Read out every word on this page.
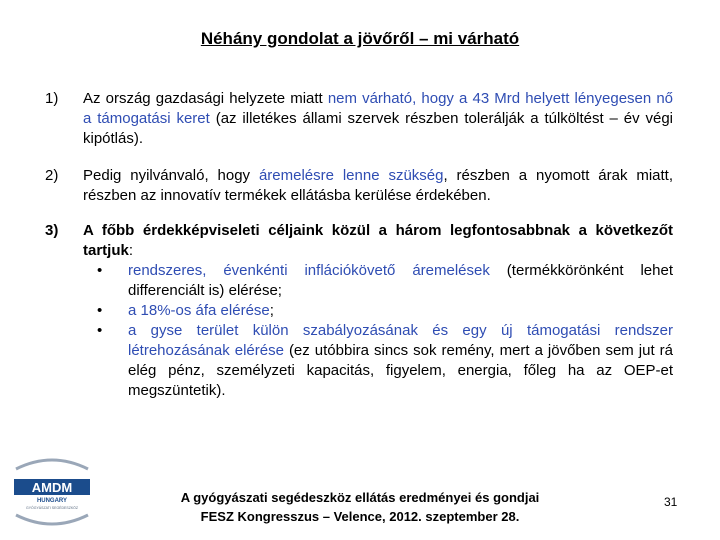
Néhány gondolat a jövőről – mi várható
1) Az ország gazdasági helyzete miatt nem várható, hogy a 43 Mrd helyett lényegesen nő a támogatási keret (az illetékes állami szervek részben tolerálják a túlköltést – év végi kipótlás).
2) Pedig nyilvánvaló, hogy áremelésre lenne szükség, részben a nyomott árak miatt, részben az innovatív termékek ellátásba kerülése érdekében.
3) A főbb érdekképviseleti céljaink közül a három legfontosabbnak a következőt tartjuk:
• rendszeres, évenkénti inflációkövető áremelések (termékkörönként lehet differenciált is) elérése;
• a 18%-os áfa elérése;
• a gyse terület külön szabályozásának és egy új támogatási rendszer létrehozásának elérése (ez utóbbira sincs sok remény, mert a jövőben sem jut rá elég pénz, személyzeti kapacitás, figyelem, energia, főleg ha az OEP-et megszüntetik).
AMDM
HUNGARY
GYÓGYÁSZATI SEGÉDESZKÖZ
A gyógyászati segédeszköz ellátás eredményei és gondjai
FESZ Kongresszus – Velence, 2012. szeptember 28.
31
